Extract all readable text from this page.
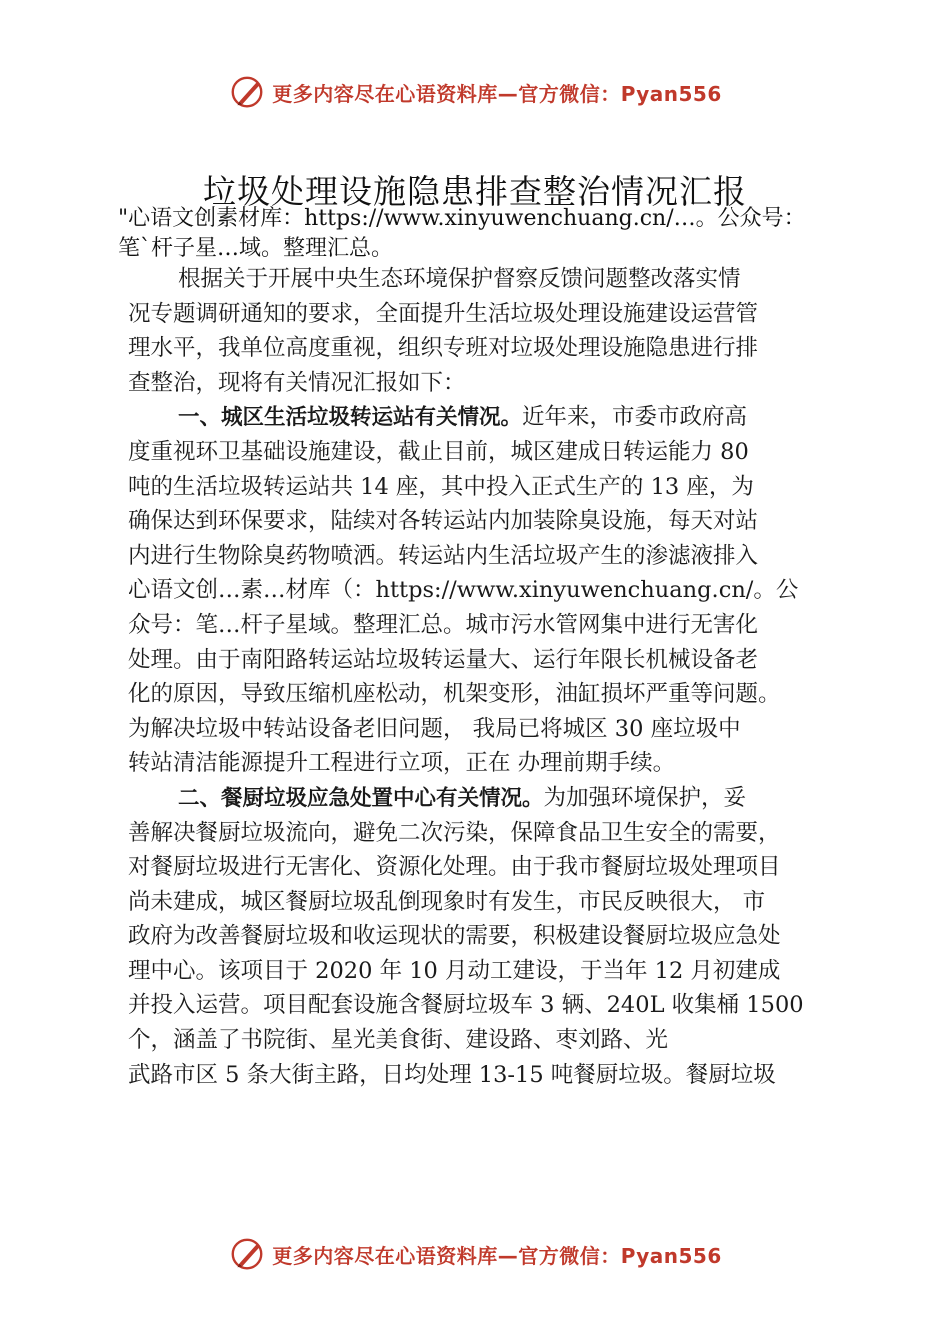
更多内容尽在心语资料库—官方微信：Pyan556
垃圾处理设施隐患排查整治情况汇报
"心语文创素材库：https://www.xinyuwenchuang.cn/…。公众号：
笔`杆子星…域。整理汇总。
根据关于开展中央生态环境保护督察反馈问题整改落实情
况专题调研通知的要求，全面提升生活垃圾处理设施建设运营管
理水平，我单位高度重视，组织专班对垃圾处理设施隐患进行排
查整治，现将有关情况汇报如下：
一、城区生活垃圾转运站有关情况。近年来，市委市政府高
度重视环卫基础设施建设，截止目前，城区建成日转运能力 80
吨的生活垃圾转运站共 14 座，其中投入正式生产的 13 座，为
确保达到环保要求，陆续对各转运站内加装除臭设施，每天对站
内进行生物除臭药物喷洒。转运站内生活垃圾产生的渗滤液排入
心语文创…素…材库（：https://www.xinyuwenchuang.cn/。公
众号：笔…杆子星域。整理汇总。城市污水管网集中进行无害化
处理。由于南阳路转运站垃圾转运量大、运行年限长机械设备老
化的原因，导致压缩机座松动，机架变形，油缸损坏严重等问题。
为解决垃圾中转站设备老旧问题， 我局已将城区 30 座垃圾中
转站清洁能源提升工程进行立项，正在 办理前期手续。
二、餐厨垃圾应急处置中心有关情况。为加强环境保护，妥
善解决餐厨垃圾流向，避免二次污染，保障食品卫生安全的需要，
对餐厨垃圾进行无害化、资源化处理。由于我市餐厨垃圾处理项目
尚未建成，城区餐厨垃圾乱倒现象时有发生，市民反映很大， 市
政府为改善餐厨垃圾和收运现状的需要，积极建设餐厨垃圾应急处
理中心。该项目于 2020 年 10 月动工建设，于当年 12 月初建成
并投入运营。项目配套设施含餐厨垃圾车 3 辆、240L 收集桶 1500
个，涵盖了书院街、星光美食街、建设路、枣刘路、光
武路市区 5 条大街主路，日均处理 13-15 吨餐厨垃圾。餐厨垃圾
更多内容尽在心语资料库—官方微信：Pyan556
